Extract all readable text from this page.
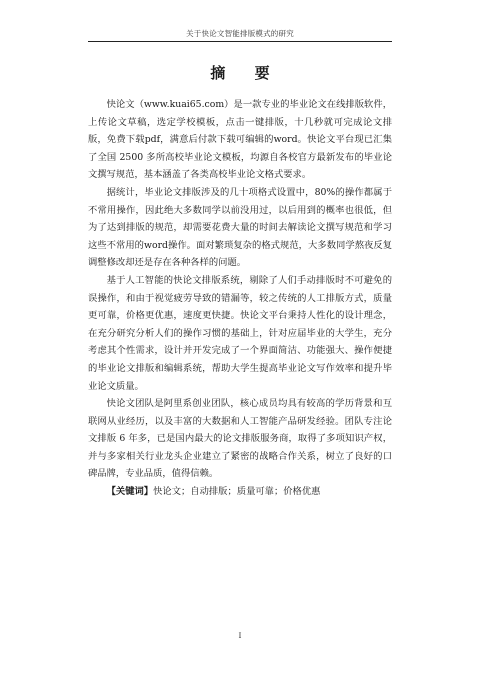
关于快论文智能排版模式的研究
摘 要

快论文（www.kuai65.com）是一款专业的毕业论文在线排版软件，上传论文草稿，选定学校模板，点击一键排版，十几秒就可完成论文排版，免费下载pdf，满意后付款下载可编辑的word。快论文平台现已汇集了全国 2500 多所高校毕业论文模板，均源自各校官方最新发布的毕业论文撰写规范，基本涵盖了各类高校毕业论文格式要求。

据统计，毕业论文排版涉及的几十项格式设置中，80%的操作都属于不常用操作，因此绝大多数同学以前没用过，以后用到的概率也很低，但为了达到排版的规范，却需要花费大量的时间去解读论文撰写规范和学习这些不常用的word操作。面对繁琐复杂的格式规范，大多数同学熬夜反复调整修改却还是存在各种各样的问题。

基于人工智能的快论文排版系统，剔除了人们手动排版时不可避免的误操作，和由于视觉疲劳导致的错漏等，较之传统的人工排版方式，质量更可靠，价格更优惠，速度更快捷。快论文平台秉持人性化的设计理念，在充分研究分析人们的操作习惯的基础上，针对应届毕业的大学生，充分考虑其个性需求，设计并开发完成了一个界面简洁、功能强大、操作便捷的毕业论文排版和编辑系统，帮助大学生提高毕业论文写作效率和提升毕业论文质量。

快论文团队是阿里系创业团队，核心成员均具有较高的学历背景和互联网从业经历，以及丰富的大数据和人工智能产品研发经验。团队专注论文排版 6 年多，已是国内最大的论文排版服务商，取得了多项知识产权，并与多家相关行业龙头企业建立了紧密的战略合作关系，树立了良好的口碑品牌，专业品质，值得信赖。

【关键词】快论文；自动排版；质量可靠；价格优惠

I
